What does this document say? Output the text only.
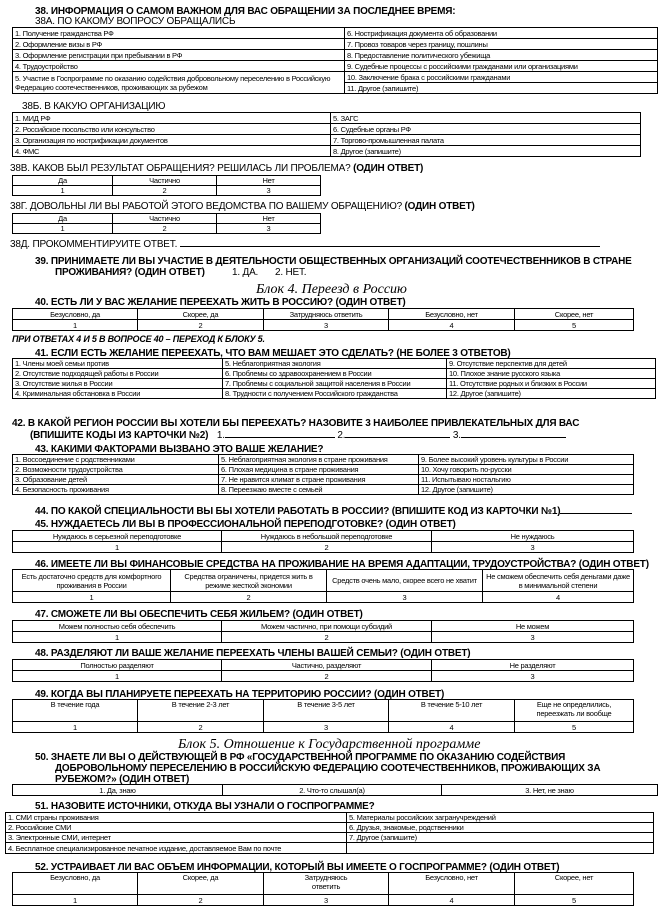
38. ИНФОРМАЦИЯ О САМОМ ВАЖНОМ ДЛЯ ВАС ОБРАЩЕНИИ ЗА ПОСЛЕДНЕЕ ВРЕМЯ:
38А. ПО КАКОМУ ВОПРОСУ ОБРАЩАЛИСЬ
1. Получение гражданства РФ	6. Нострификация документа об образовании
2. Оформление визы в РФ	7. Провоз товаров через границу, пошлины
3. Оформление регистрации при пребывании в РФ	8. Предоставление политического убежища
4. Трудоустройство	9. Судебные процессы с российскими гражданами или организациями
5. Участие в Госпрограмме по оказанию содействия добровольному переселению в Российскую Федерацию соотечественников, проживающих за рубежом	10. Заключение брака с российскими гражданами
	11. Другое (запишите)
38Б. В КАКУЮ ОРГАНИЗАЦИЮ
1. МИД РФ	5. ЗАГС
2. Российское посольство или консульство	6. Судебные органы РФ
3. Организация по нострификации документов	7. Торгово-промышленная палата
4. ФМС	8. Другое (запишите)
38В. КАКОВ БЫЛ РЕЗУЛЬТАТ ОБРАЩЕНИЯ? РЕШИЛАСЬ ЛИ ПРОБЛЕМА? (ОДИН ОТВЕТ)
Да	Частично	Нет
1	2	3
38Г. ДОВОЛЬНЫ ЛИ ВЫ РАБОТОЙ ЭТОГО ВЕДОМСТВА ПО ВАШЕМУ ОБРАЩЕНИЮ? (ОДИН ОТВЕТ)
Да	Частично	Нет
1	2	3
38Д. ПРОКОММЕНТИРУИТЕ ОТВЕТ.
39. ПРИНИМАЕТЕ ЛИ ВЫ УЧАСТИЕ В ДЕЯТЕЛЬНОСТИ ОБЩЕСТВЕННЫХ ОРГАНИЗАЦИЙ СООТЕЧЕСТВЕННИКОВ В СТРАНЕ
ПРОЖИВАНИЯ? (ОДИН ОТВЕТ)	1. ДА. 2. НЕТ.
Блок 4. Переезд в Россию
40. ЕСТЬ ЛИ У ВАС ЖЕЛАНИЕ ПЕРЕЕХАТЬ ЖИТЬ В РОССИЮ? (ОДИН ОТВЕТ)
Безусловно, да	Скорее, да	Затрудняюсь ответить	Безусловно, нет	Скорее, нет
1	2	3	4	5
ПРИ ОТВЕТАХ 4 И 5 В ВОПРОСЕ 40 – ПЕРЕХОД К БЛОКУ 5.
41. ЕСЛИ ЕСТЬ ЖЕЛАНИЕ ПЕРЕЕХАТЬ, ЧТО ВАМ МЕШАЕТ ЭТО СДЕЛАТЬ? (НЕ БОЛЕЕ 3 ОТВЕТОВ)
1. Члены моей семьи против	5. Неблагоприятная экология	9. Отсутствие перспектив для детей
2. Отсутствие подходящей работы в России	6. Проблемы со здравоохранением в России	10. Плохое знание русского языка
3. Отсутствие жилья в России	7. Проблемы с социальной защитой населения в России	11. Отсутствие родных и близких в России
4. Криминальная обстановка в России	8. Трудности с получением Российского гражданства	12. Другое (запишите)
42. В КАКОЙ РЕГИОН РОССИИ ВЫ ХОТЕЛИ БЫ ПЕРЕЕХАТЬ? НАЗОВИТЕ 3 НАИБОЛЕЕ ПРИВЛЕКАТЕЛЬНЫХ ДЛЯ ВАС
(ВПИШИТЕ КОДЫ ИЗ КАРТОЧКИ №2) 1.	2.	3.
43. КАКИМИ ФАКТОРАМИ ВЫЗВАНО ЭТО ВАШЕ ЖЕЛАНИЕ?
1. Воссоединение с родственниками	5. Неблагоприятная экология в стране проживания	9. Более высокий уровень культуры в России
2. Возможности трудоустройства	6. Плохая медицина в стране проживания	10. Хочу говорить по-русски
3. Образование детей	7. Не нравится климат в стране проживания	11. Испытываю ностальгию
4. Безопасность проживания	8. Переезжаю вместе с семьей	12. Другое (запишите)
44. ПО КАКОЙ СПЕЦИАЛЬНОСТИ ВЫ БЫ ХОТЕЛИ РАБОТАТЬ В РОССИИ? (ВПИШИТЕ КОД ИЗ КАРТОЧКИ №1)
45. НУЖДАЕТЕСЬ ЛИ ВЫ В ПРОФЕССИОНАЛЬНОЙ ПЕРЕПОДГОТОВКЕ? (ОДИН ОТВЕТ)
Нуждаюсь в серьезной переподготовке	Нуждаюсь в небольшой переподготовке	Не нуждаюсь
1	2	3
46. ИМЕЕТЕ ЛИ ВЫ ФИНАНСОВЫЕ СРЕДСТВА НА ПРОЖИВАНИЕ НА ВРЕМЯ АДАПТАЦИИ, ТРУДОУСТРОЙСТВА? (ОДИН ОТВЕТ)
Есть достаточно средств для комфортного проживания в России	Средства ограничены, придется жить в режиме жесткой экономии	Средств очень мало, скорее всего не хватит	Не сможем обеспечить себя деньгами даже в минимальной степени
1	2	3	4
47. СМОЖЕТЕ ЛИ ВЫ ОБЕСПЕЧИТЬ СЕБЯ ЖИЛЬЕМ? (ОДИН ОТВЕТ)
Можем полностью себя обеспечить	Можем частично, при помощи субсидий	Не можем
1	2	3
48. РАЗДЕЛЯЮТ ЛИ ВАШЕ ЖЕЛАНИЕ ПЕРЕЕХАТЬ ЧЛЕНЫ ВАШЕЙ СЕМЬИ? (ОДИН ОТВЕТ)
Полностью разделяют	Частично, разделяют	Не разделяют
1	2	3
49. КОГДА ВЫ ПЛАНИРУЕТЕ ПЕРЕЕХАТЬ НА ТЕРРИТОРИЮ РОССИИ? (ОДИН ОТВЕТ)
В течение года	В течение 2-3 лет	В течение 3-5 лет	В течение 5-10 лет	Еще не определились, переезжать ли вообще
1	2	3	4	5
Блок 5. Отношение к Государственной программе
50. ЗНАЕТЕ ЛИ ВЫ О ДЕЙСТВУЮЩЕЙ В РФ «ГОСУДАРСТВЕННОЙ ПРОГРАММЕ ПО ОКАЗАНИЮ СОДЕЙСТВИЯ
ДОБРОВОЛЬНОМУ ПЕРЕСЕЛЕНИЮ В РОССИЙСКУЮ ФЕДЕРАЦИЮ СООТЕЧЕСТВЕННИКОВ, ПРОЖИВАЮЩИХ ЗА
РУБЕЖОМ?» (ОДИН ОТВЕТ)
1. Да, знаю	2. Что-то слышал(а)	3. Нет, не знаю
51. НАЗОВИТЕ ИСТОЧНИКИ, ОТКУДА ВЫ УЗНАЛИ О ГОСПРОГРАММЕ?
1. СМИ страны проживания	5. Материалы российских загранучреждений
2. Российские СМИ	6. Друзья, знакомые, родственники
3. Электронные СМИ, интернет	7. Другое (запишите)
4. Бесплатное специализированное печатное издание, доставляемое Вам по почте	
52. УСТРАИВАЕТ ЛИ ВАС ОБЪЕМ ИНФОРМАЦИИ, КОТОРЫЙ ВЫ ИМЕЕТЕ О ГОСПРОГРАММЕ? (ОДИН ОТВЕТ)
Безусловно, да	Скорее, да	Затрудняюсь ответить	Безусловно, нет	Скорее, нет
1	2	3	4	5
